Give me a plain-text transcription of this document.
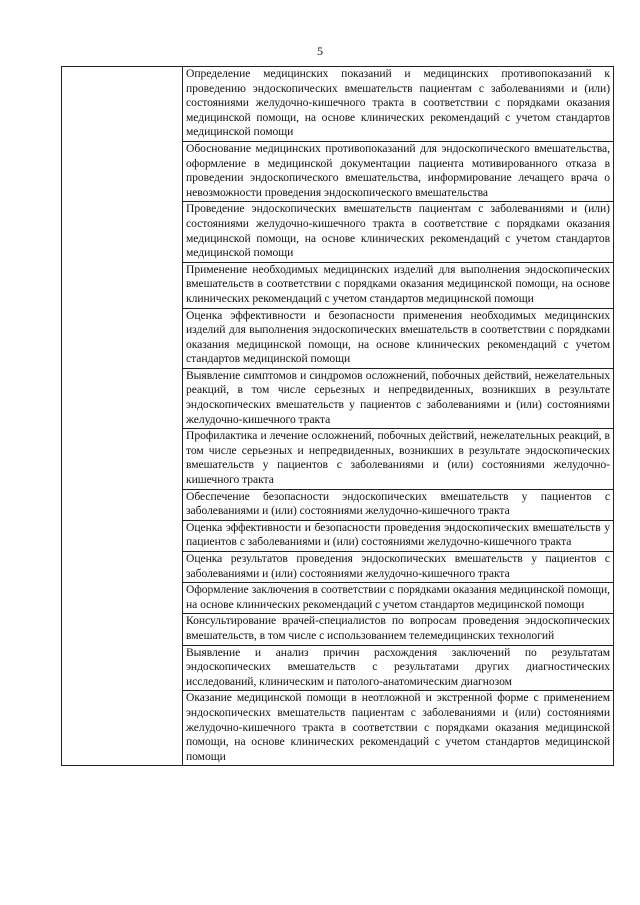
5

Определение медицинских показаний и медицинских противопоказаний к проведению эндоскопических вмешательств пациентам с заболеваниями и (или) состояниями желудочно-кишечного тракта в соответствии с порядками оказания медицинской помощи, на основе клинических рекомендаций с учетом стандартов медицинской помощи

Обоснование медицинских противопоказаний для эндоскопического вмешательства, оформление в медицинской документации пациента мотивированного отказа в проведении эндоскопического вмешательства, информирование лечащего врача о невозможности проведения эндоскопического вмешательства

Проведение эндоскопических вмешательств пациентам с заболеваниями и (или) состояниями желудочно-кишечного тракта в соответствие с порядками оказания медицинской помощи, на основе клинических рекомендаций с учетом стандартов медицинской помощи

Применение необходимых медицинских изделий для выполнения эндоскопических вмешательств в соответствии с порядками оказания медицинской помощи, на основе клинических рекомендаций с учетом стандартов медицинской помощи

Оценка эффективности и безопасности применения необходимых медицинских изделий для выполнения эндоскопических вмешательств в соответствии с порядками оказания медицинской помощи, на основе клинических рекомендаций с учетом стандартов медицинской помощи

Выявление симптомов и синдромов осложнений, побочных действий, нежелательных реакций, в том числе серьезных и непредвиденных, возникших в результате эндоскопических вмешательств у пациентов с заболеваниями и (или) состояниями желудочно-кишечного тракта

Профилактика и лечение осложнений, побочных действий, нежелательных реакций, в том числе серьезных и непредвиденных, возникших в результате эндоскопических вмешательств у пациентов с заболеваниями и (или) состояниями желудочно-кишечного тракта

Обеспечение безопасности эндоскопических вмешательств у пациентов с заболеваниями и (или) состояниями желудочно-кишечного тракта

Оценка эффективности и безопасности проведения эндоскопических вмешательств у пациентов с заболеваниями и (или) состояниями желудочно-кишечного тракта

Оценка результатов проведения эндоскопических вмешательств у пациентов с заболеваниями и (или) состояниями желудочно-кишечного тракта

Оформление заключения в соответствии с порядками оказания медицинской помощи, на основе клинических рекомендаций с учетом стандартов медицинской помощи

Консультирование врачей-специалистов по вопросам проведения эндоскопических вмешательств, в том числе с использованием телемедицинских технологий

Выявление и анализ причин расхождения заключений по результатам эндоскопических вмешательств с результатами других диагностических исследований, клиническим и патолого-анатомическим диагнозом

Оказание медицинской помощи в неотложной и экстренной форме с применением эндоскопических вмешательств пациентам с заболеваниями и (или) состояниями желудочно-кишечного тракта в соответствии с порядками оказания медицинской помощи, на основе клинических рекомендаций с учетом стандартов медицинской помощи
